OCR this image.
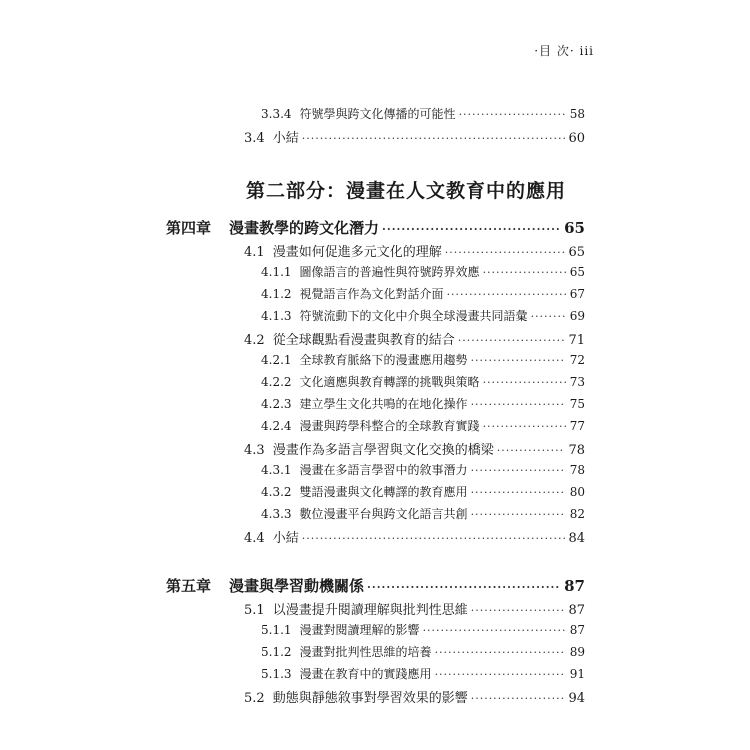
·目 次· iii
第二部分：漫畫在人文教育中的應用
3.3.4 符號學與跨文化傳播的可能性 ·····	58
3.4 小結 ·····	60
第四章 漫畫教學的跨文化潛力 ·····	65
4.1 漫畫如何促進多元文化的理解 ·····	65
4.1.1 圖像語言的普遍性與符號跨界效應 ·····	65
4.1.2 視覺語言作為文化對話介面 ·····	67
4.1.3 符號流動下的文化中介與全球漫畫共同語彙 ·····	69
4.2 從全球觀點看漫畫與教育的結合 ·····	71
4.2.1 全球教育脈絡下的漫畫應用趨勢 ·····	72
4.2.2 文化適應與教育轉譯的挑戰與策略 ·····	73
4.2.3 建立學生文化共鳴的在地化操作 ·····	75
4.2.4 漫畫與跨學科整合的全球教育實踐 ·····	77
4.3 漫畫作為多語言學習與文化交換的橋梁 ·····	78
4.3.1 漫畫在多語言學習中的敘事潛力 ·····	78
4.3.2 雙語漫畫與文化轉譯的教育應用 ·····	80
4.3.3 數位漫畫平台與跨文化語言共創 ·····	82
4.4 小結 ·····	84
第五章 漫畫與學習動機關係 ·····	87
5.1 以漫畫提升閱讀理解與批判性思維 ·····	87
5.1.1 漫畫對閱讀理解的影響 ·····	87
5.1.2 漫畫對批判性思維的培養 ·····	89
5.1.3 漫畫在教育中的實踐應用 ·····	91
5.2 動態與靜態敘事對學習效果的影響 ·····	94
